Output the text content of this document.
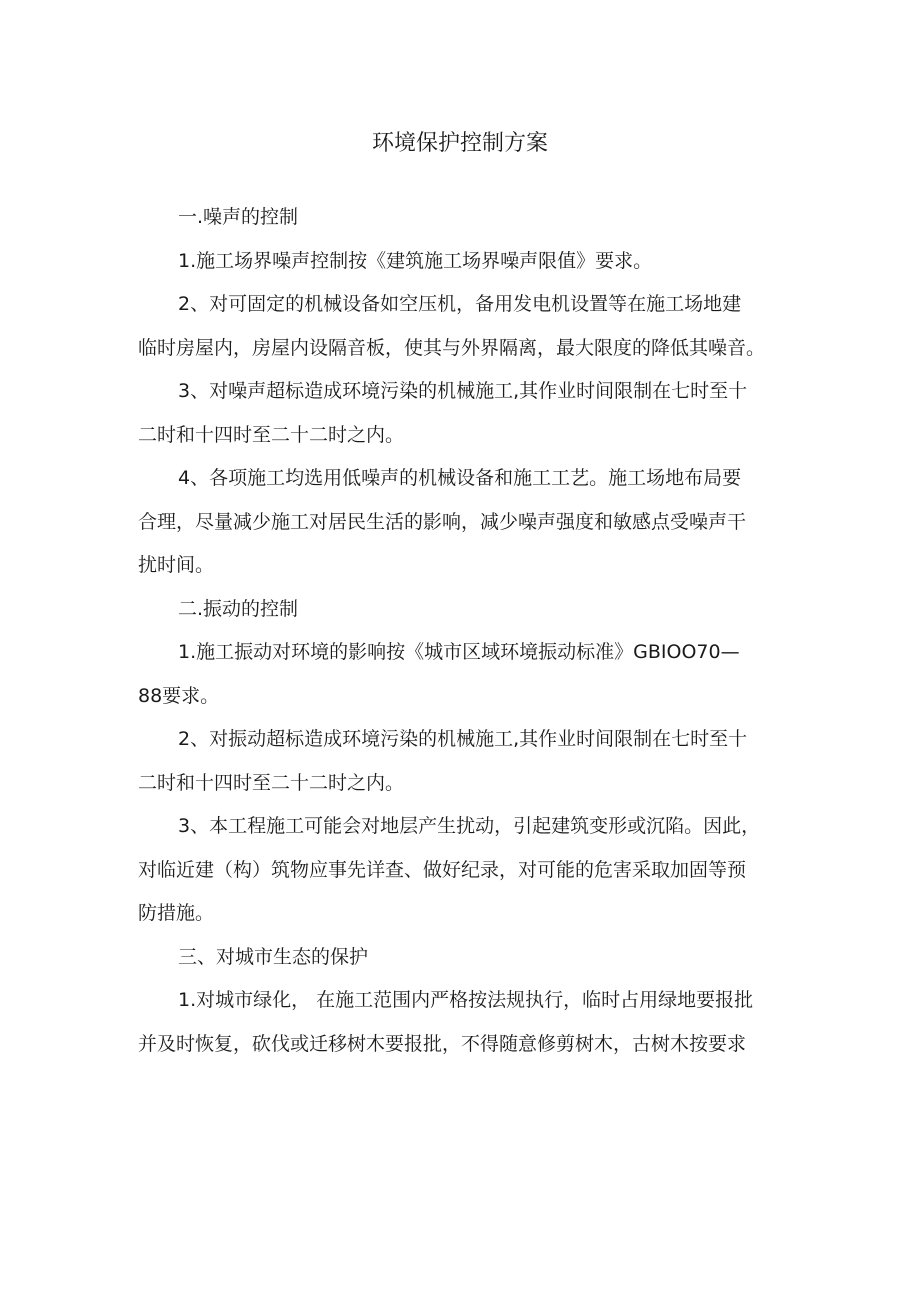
环境保护控制方案

一.噪声的控制

1.施工场界噪声控制按《建筑施工场界噪声限值》要求。

2、对可固定的机械设备如空压机，备用发电机设置等在施工场地建
临时房屋内，房屋内设隔音板，使其与外界隔离，最大限度的降低其噪音。

3、对噪声超标造成环境污染的机械施工,其作业时间限制在七时至十
二时和十四时至二十二时之内。

4、各项施工均选用低噪声的机械设备和施工工艺。施工场地布局要
合理，尽量减少施工对居民生活的影响，减少噪声强度和敏感点受噪声干
扰时间。

二.振动的控制

1.施工振动对环境的影响按《城市区域环境振动标准》GBIOO70—
88要求。

2、对振动超标造成环境污染的机械施工,其作业时间限制在七时至十
二时和十四时至二十二时之内。

3、本工程施工可能会对地层产生扰动，引起建筑变形或沉陷。因此，
对临近建（构）筑物应事先详查、做好纪录，对可能的危害采取加固等预
防措施。

三、对城市生态的保护

1.对城市绿化， 在施工范围内严格按法规执行，临时占用绿地要报批
并及时恢复，砍伐或迁移树木要报批，不得随意修剪树木，古树木按要求
